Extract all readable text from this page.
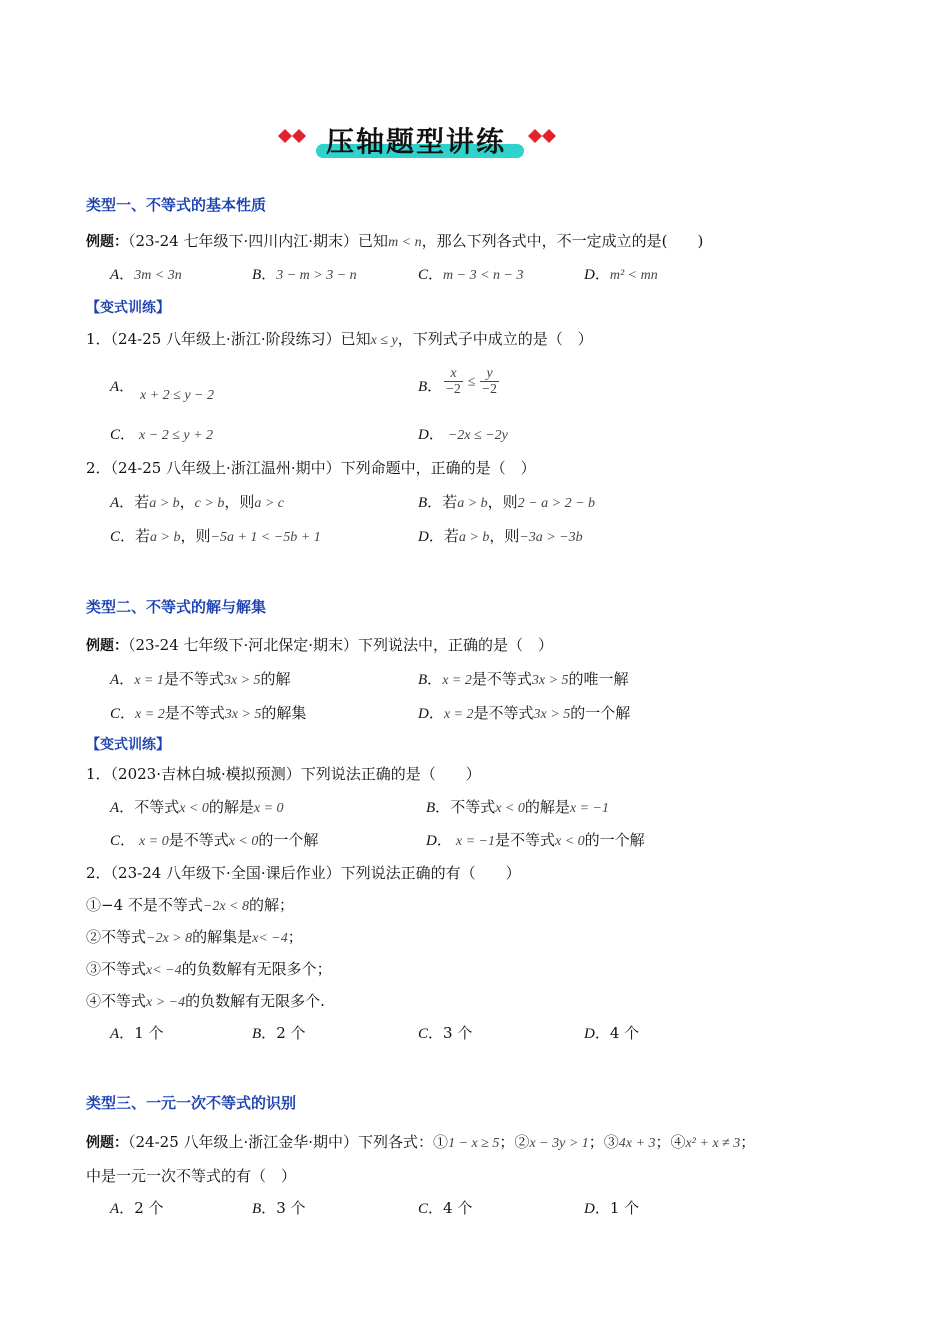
压轴题型讲练
类型一、不等式的基本性质
例题：（23-24 七年级下·四川内江·期末）已知m < n，那么下列各式中，不一定成立的是(　　)
A．3m < 3n	B．3 − m > 3 − n	C．m − 3 < n − 3	D．m² < mn
【变式训练】
1．（24-25 八年级上·浙江·阶段练习）已知x ≤ y，下列式子中成立的是（　）
A．
x + 2 ≤ y − 2
B． $\frac{x}{-2} \le \frac{y}{-2}$
C． x − 2 ≤ y + 2	D． −2x ≤ −2y
2．（24-25 八年级上·浙江温州·期中）下列命题中，正确的是（　）
A．若a > b，c > b，则a > c	B．若a > b，则2 − a > 2 − b
C．若a > b，则−5a + 1 < −5b + 1	D．若a > b，则−3a > −3b
类型二、不等式的解与解集
例题：（23-24 七年级下·河北保定·期末）下列说法中，正确的是（　）
A．x = 1是不等式3x > 5的解	B．x = 2是不等式3x > 5的唯一解
C．x = 2是不等式3x > 5的解集	D．x = 2是不等式3x > 5的一个解
【变式训练】
1．（2023·吉林白城·模拟预测）下列说法正确的是（　　）
A．不等式x < 0的解是x = 0	B．不等式x < 0的解是x = −1
C． x = 0是不等式x < 0的一个解	D． x = −1是不等式x < 0的一个解
2．（23-24 八年级下·全国·课后作业）下列说法正确的有（　　）
①−4 不是不等式−2x < 8的解；
②不等式−2x > 8的解集是x< −4；
③不等式x< −4的负数解有无限多个；
④不等式x > −4的负数解有无限多个.
A．1 个	B．2 个	C．3 个	D．4 个
类型三、一元一次不等式的识别
例题：（24-25 八年级上·浙江金华·期中）下列各式：①1 − x ≥ 5；②x − 3y > 1；③4x + 3；④x² + x ≠ 3；
中是一元一次不等式的有（　）
A．2 个	B．3 个	C．4 个	D．1 个
